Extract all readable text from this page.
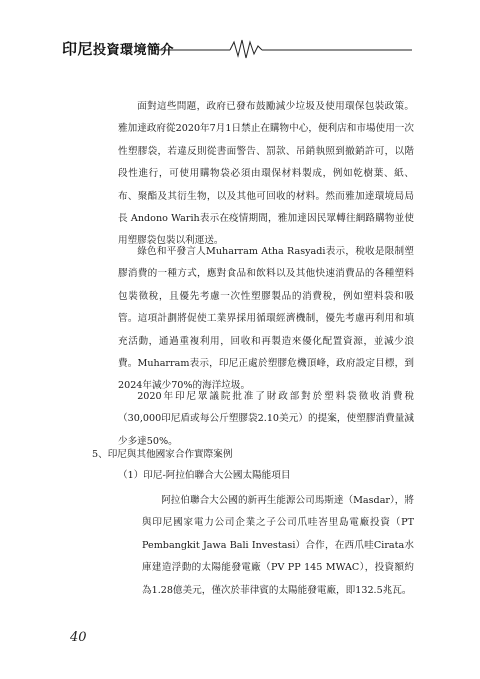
印尼投資環境簡介

面對這些問題，政府已發布鼓勵減少垃圾及使用環保包裝政策。雅加達政府從2020年7月1日禁止在購物中心，便利店和市場使用一次性塑膠袋，若違反則從書面警告、罰款、吊銷執照到撤銷許可，以階段性進行，可使用購物袋必須由環保材料製成，例如乾樹葉、紙、布、聚酯及其衍生物，以及其他可回收的材料。然而雅加達環境局局長 Andono Warih表示在疫情期間，雅加達因民眾轉往網路購物並使用塑膠袋包裝以利運送。

綠色和平發言人Muharram Atha Rasyadi表示，稅收是限制塑膠消費的一種方式，應對食品和飲料以及其他快速消費品的各種塑料包裝徵稅，且優先考慮一次性塑膠製品的消費稅，例如塑料袋和吸管。這項計劃將促使工業界採用循環經濟機制，優先考慮再利用和填充活動，通過重複利用，回收和再製造來優化配置資源，並減少浪費。Muharram表示，印尼正處於塑膠危機頂峰，政府設定目標，到2024年減少70%的海洋垃圾。

2020年印尼眾議院批准了財政部對於塑料袋徵收消費稅（30,000印尼盾或每公斤塑膠袋2.10美元）的提案，使塑膠消費量減少多達50%。

5、印尼與其他國家合作實際案例
（1）印尼-阿拉伯聯合大公國太陽能項目

阿拉伯聯合大公國的新再生能源公司馬斯達（Masdar），將與印尼國家電力公司企業之子公司爪哇峇里島電廠投資（PT Pembangkit Jawa Bali Investasi）合作，在西爪哇Cirata水庫建造浮動的太陽能發電廠（PV PP 145 MWAC），投資額約為1.28億美元，僅次於菲律賓的太陽能發電廠，即132.5兆瓦。

40
